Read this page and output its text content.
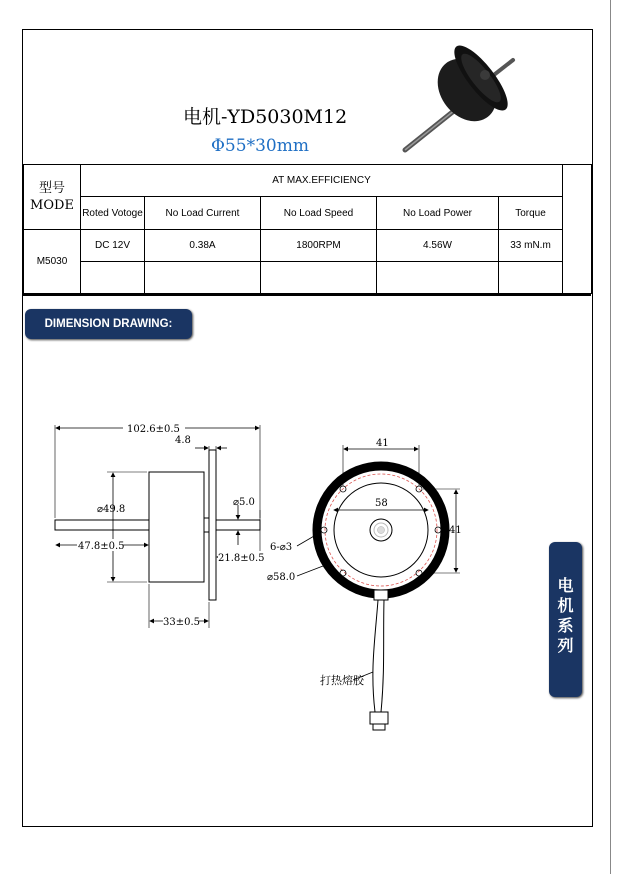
电机-YD5030M12
Φ55*30mm
型号
MODE	AT MAX.EFFICIENCY					
	Roted Votoge	No Load Current	No Load Speed	No Load Power	Torque	
M5030	DC 12V	0.38A	1800RPM	4.56W	33 mN.m	

DIMENSION DRAWING:
102.6±0.5
4.8
⌀49.8
⌀5.0
47.8±0.5
21.8±0.5
33±0.5
41
58
41
6-⌀3
⌀58.0
打热熔胶
电
机
系
列
